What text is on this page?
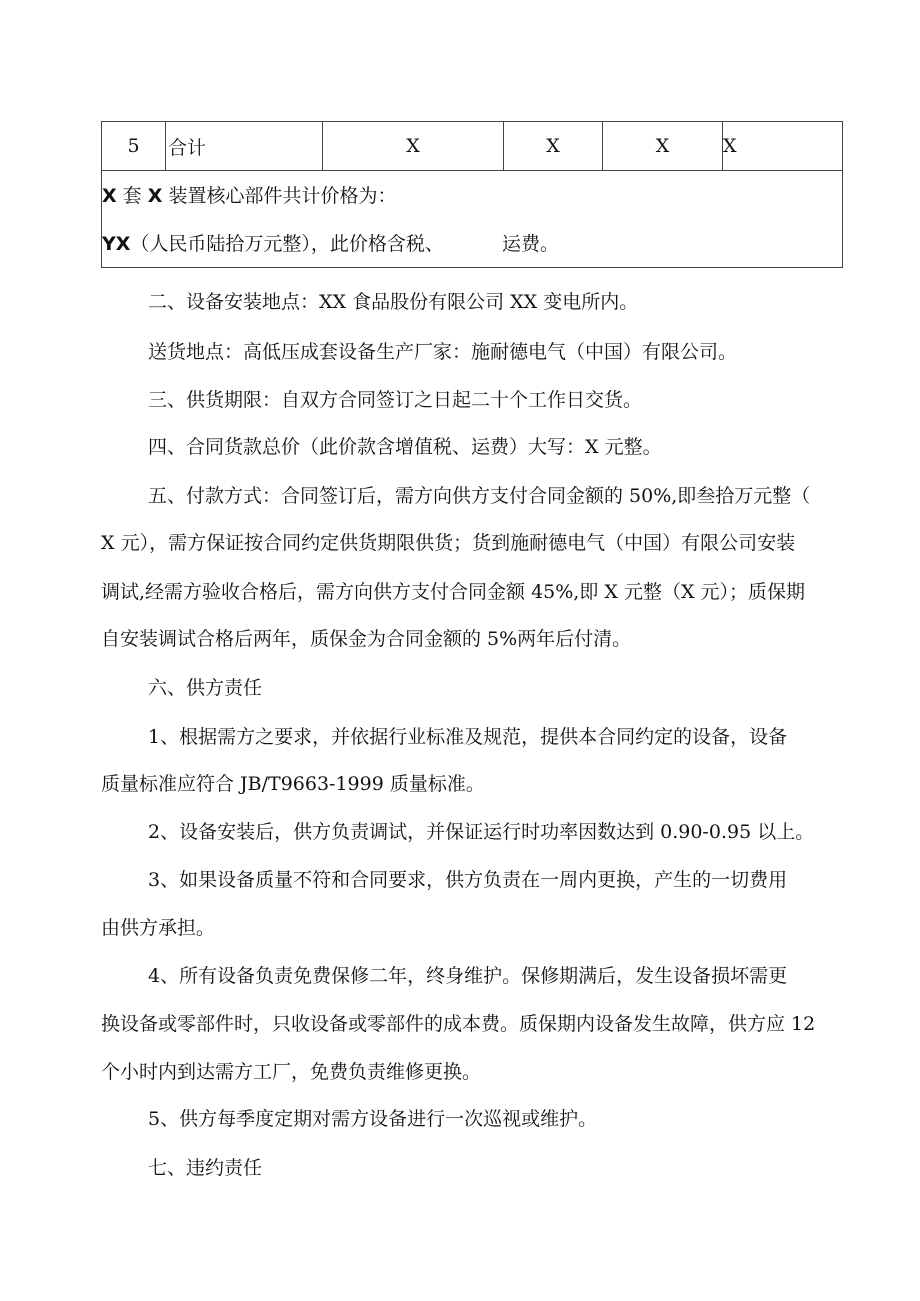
5	合计	X	X	X	X

X 套 X 装置核心部件共计价格为：
YX（人民币陆拾万元整），此价格含税、	运费。
二、设备安装地点：XX 食品股份有限公司 XX 变电所内。
送货地点：高低压成套设备生产厂家：施耐德电气（中国）有限公司。
三、供货期限：自双方合同签订之日起二十个工作日交货。
四、合同货款总价（此价款含增值税、运费）大写：X 元整。
五、付款方式：合同签订后，需方向供方支付合同金额的 50%,即叁拾万元整（
X 元），需方保证按合同约定供货期限供货；货到施耐德电气（中国）有限公司安装
调试,经需方验收合格后，需方向供方支付合同金额 45%,即 X 元整（X 元）；质保期
自安装调试合格后两年，质保金为合同金额的 5%两年后付清。
六、供方责任
1、根据需方之要求，并依据行业标准及规范，提供本合同约定的设备，设备
质量标准应符合 JB/T9663-1999 质量标准。
2、设备安装后，供方负责调试，并保证运行时功率因数达到 0.90-0.95 以上。
3、如果设备质量不符和合同要求，供方负责在一周内更换，产生的一切费用
由供方承担。
4、所有设备负责免费保修二年，终身维护。保修期满后，发生设备损坏需更
换设备或零部件时，只收设备或零部件的成本费。质保期内设备发生故障，供方应 12
个小时内到达需方工厂，免费负责维修更换。
5、供方每季度定期对需方设备进行一次巡视或维护。
七、违约责任
